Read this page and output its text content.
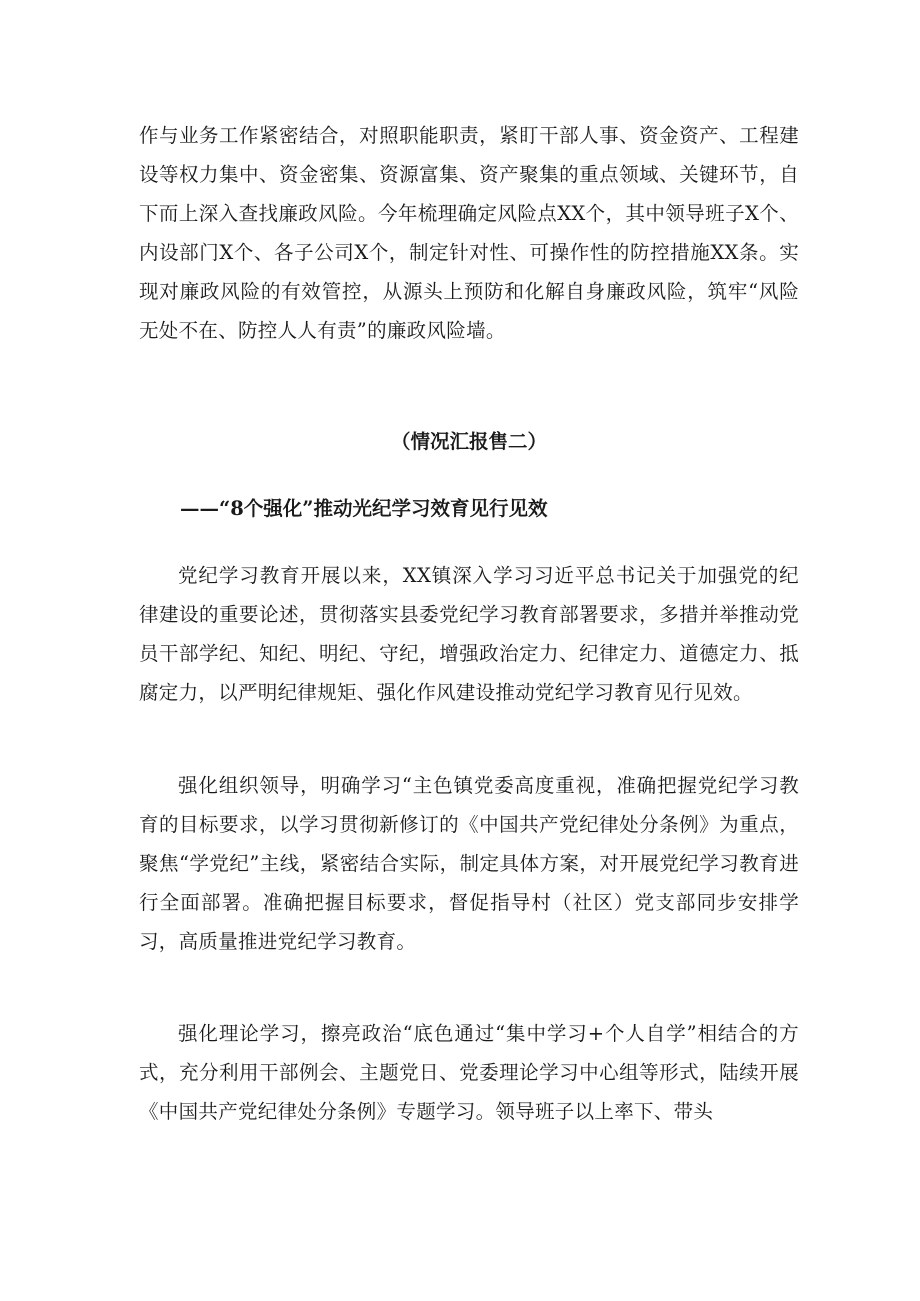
作与业务工作紧密结合，对照职能职责，紧盯干部人事、资金资产、工程建设等权力集中、资金密集、资源富集、资产聚集的重点领域、关键环节，自下而上深入查找廉政风险。今年梳理确定风险点XX个，其中领导班子X个、内设部门X个、各子公司X个，制定针对性、可操作性的防控措施XX条。实现对廉政风险的有效管控，从源头上预防和化解自身廉政风险，筑牢“风险无处不在、防控人人有责”的廉政风险墙。

（情况汇报售二）

——“8个强化”推动光纪学习效育见行见效

党纪学习教育开展以来，XX镇深入学习习近平总书记关于加强党的纪律建设的重要论述，贯彻落实县委党纪学习教育部署要求，多措并举推动党员干部学纪、知纪、明纪、守纪，增强政治定力、纪律定力、道德定力、抵腐定力，以严明纪律规矩、强化作风建设推动党纪学习教育见行见效。

强化组织领导，明确学习“主色镇党委高度重视，准确把握党纪学习教育的目标要求，以学习贯彻新修订的《中国共产党纪律处分条例》为重点，聚焦“学党纪”主线，紧密结合实际，制定具体方案，对开展党纪学习教育进行全面部署。准确把握目标要求，督促指导村（社区）党支部同步安排学习，高质量推进党纪学习教育。

强化理论学习，擦亮政治“底色通过“集中学习+个人自学”相结合的方式，充分利用干部例会、主题党日、党委理论学习中心组等形式，陆续开展《中国共产党纪律处分条例》专题学习。领导班子以上率下、带头
